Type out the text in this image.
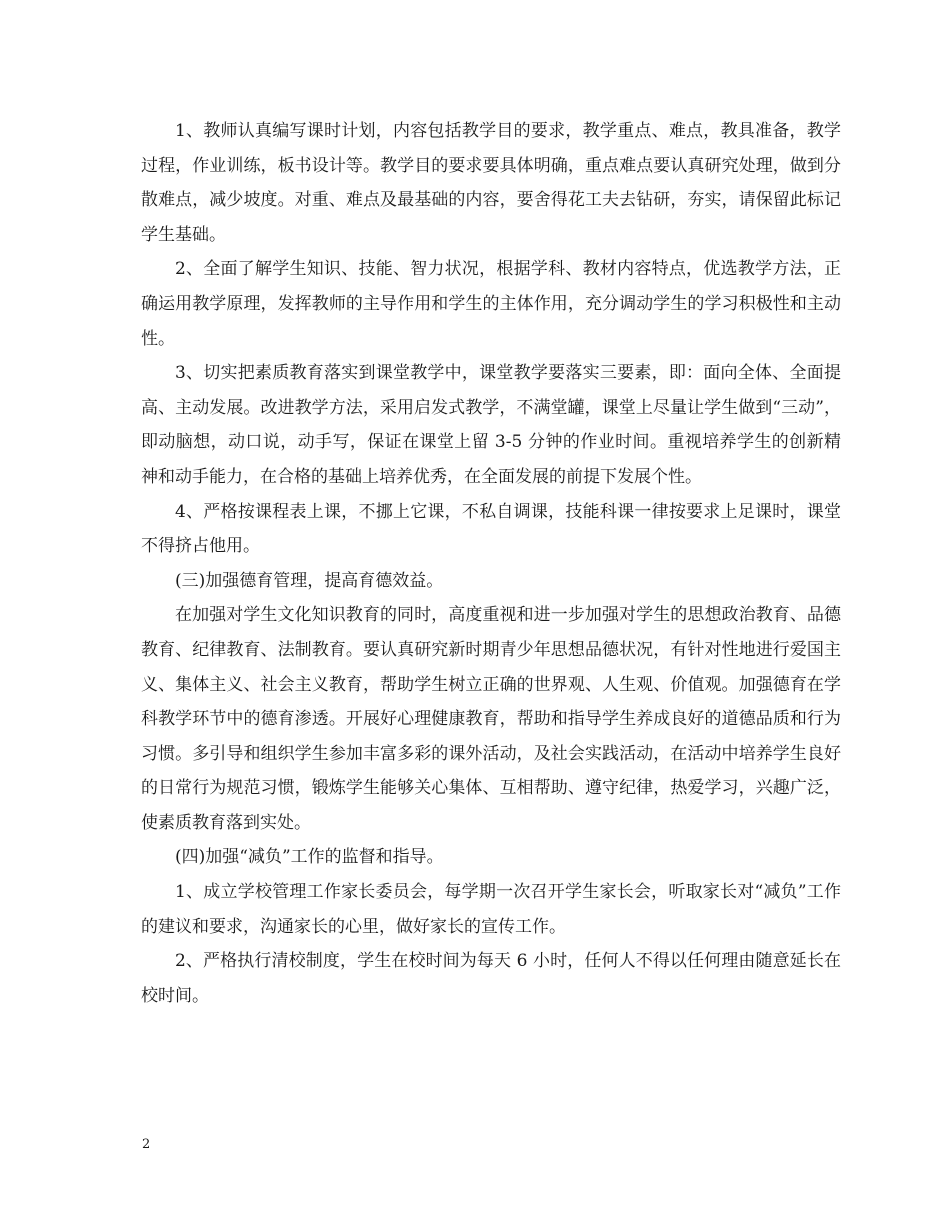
1、教师认真编写课时计划，内容包括教学目的要求，教学重点、难点，教具准备，教学过程，作业训练，板书设计等。教学目的要求要具体明确，重点难点要认真研究处理，做到分散难点，减少坡度。对重、难点及最基础的内容，要舍得花工夫去钻研，夯实，请保留此标记学生基础。

2、全面了解学生知识、技能、智力状况，根据学科、教材内容特点，优选教学方法，正确运用教学原理，发挥教师的主导作用和学生的主体作用，充分调动学生的学习积极性和主动性。

3、切实把素质教育落实到课堂教学中，课堂教学要落实三要素，即：面向全体、全面提高、主动发展。改进教学方法，采用启发式教学，不满堂罐，课堂上尽量让学生做到“三动”，即动脑想，动口说，动手写，保证在课堂上留 3-5 分钟的作业时间。重视培养学生的创新精神和动手能力，在合格的基础上培养优秀，在全面发展的前提下发展个性。

4、严格按课程表上课，不挪上它课，不私自调课，技能科课一律按要求上足课时，课堂不得挤占他用。

(三)加强德育管理，提高育德效益。

在加强对学生文化知识教育的同时，高度重视和进一步加强对学生的思想政治教育、品德教育、纪律教育、法制教育。要认真研究新时期青少年思想品德状况，有针对性地进行爱国主义、集体主义、社会主义教育，帮助学生树立正确的世界观、人生观、价值观。加强德育在学科教学环节中的德育渗透。开展好心理健康教育，帮助和指导学生养成良好的道德品质和行为习惯。多引导和组织学生参加丰富多彩的课外活动，及社会实践活动，在活动中培养学生良好的日常行为规范习惯，锻炼学生能够关心集体、互相帮助、遵守纪律，热爱学习，兴趣广泛，使素质教育落到实处。

(四)加强“减负”工作的监督和指导。

1、成立学校管理工作家长委员会，每学期一次召开学生家长会，听取家长对“减负”工作的建议和要求，沟通家长的心里，做好家长的宣传工作。

2、严格执行清校制度，学生在校时间为每天 6 小时，任何人不得以任何理由随意延长在校时间。

2
